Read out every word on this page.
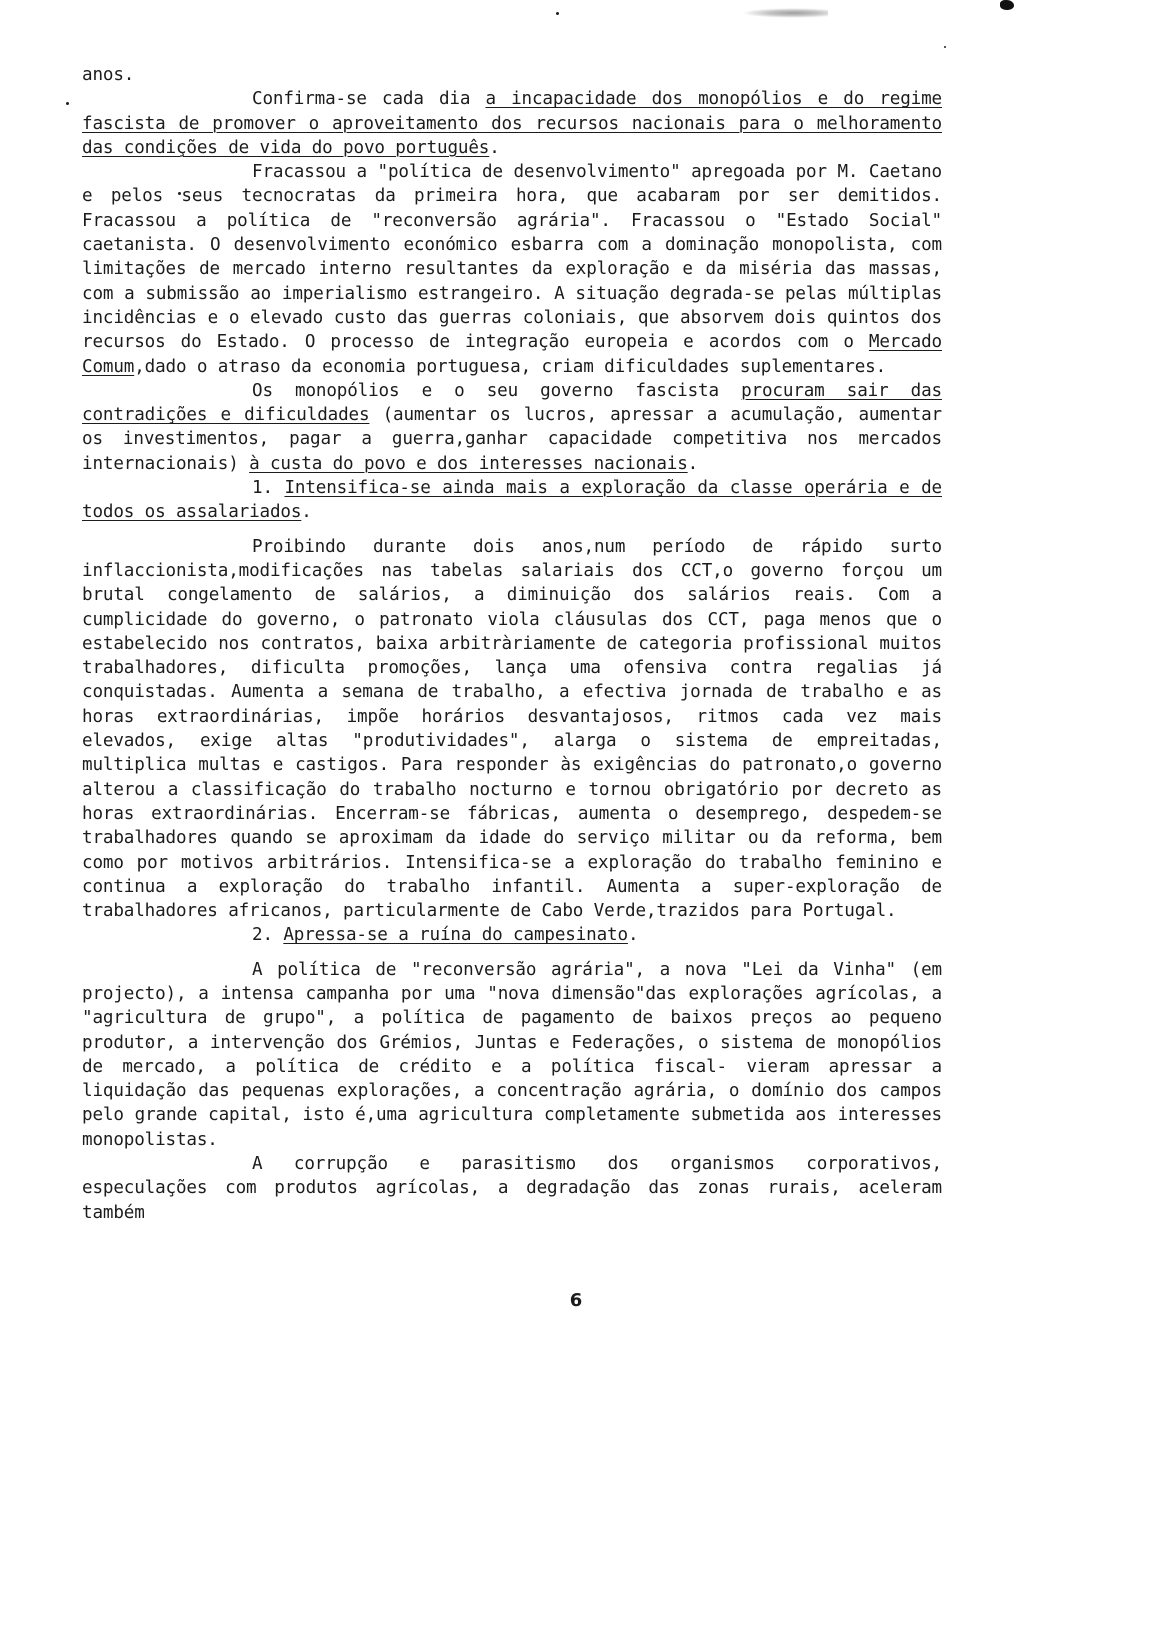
anos.

Confirma-se cada dia a incapacidade dos monopólios e do regime fascista de promover o aproveitamento dos recursos nacionais para o melhoramento das condições de vida do povo português.

Fracassou a "política de desenvolvimento" apregoada por M. Caetano e pelos seus tecnocratas da primeira hora, que acabaram por ser demitidos. Fracassou a política de "reconversão agrária". Fracassou o "Estado Social" caetanista. O desenvolvimento económico esbarra com a dominação monopolista, com limitações de mercado interno resultantes da exploração e da miséria das massas, com a submissão ao imperialismo estrangeiro. A situação degrada-se pelas múltiplas incidências e o elevado custo das guerras coloniais, que absorvem dois quintos dos recursos do Estado. O processo de integração europeia e acordos com o Mercado Comum,dado o atraso da economia portuguesa, criam dificuldades suplementares.

Os monopólios e o seu governo fascista procuram sair das contradições e dificuldades (aumentar os lucros, apressar a acumulação, aumentar os investimentos, pagar a guerra,ganhar capacidade competitiva nos mercados internacionais) à custa do povo e dos interesses nacionais.

1. Intensifica-se ainda mais a exploração da classe operária e de todos os assalariados.

Proibindo durante dois anos,num período de rápido surto inflaccionista,modificações nas tabelas salariais dos CCT,o governo forçou um brutal congelamento de salários, a diminuição dos salários reais. Com a cumplicidade do governo, o patronato viola cláusulas dos CCT, paga menos que o estabelecido nos contratos, baixa arbitràriamente de categoria profissional muitos trabalhadores, dificulta promoções, lança uma ofensiva contra regalias já conquistadas. Aumenta a semana de trabalho, a efectiva jornada de trabalho e as horas extraordinárias, impõe horários desvantajosos, ritmos cada vez mais elevados, exige altas "produtividades", alarga o sistema de empreitadas, multiplica multas e castigos. Para responder às exigências do patronato,o governo alterou a classificação do trabalho nocturno e tornou obrigatório por decreto as horas extraordinárias. Encerram-se fábricas, aumenta o desemprego, despedem-se trabalhadores quando se aproximam da idade do serviço militar ou da reforma, bem como por motivos arbitrários. Intensifica-se a exploração do trabalho feminino e continua a exploração do trabalho infantil. Aumenta a super-exploração de trabalhadores africanos, particularmente de Cabo Verde,trazidos para Portugal.

2. Apressa-se a ruína do campesinato.

A política de "reconversão agrária", a nova "Lei da Vinha" (em projecto), a intensa campanha por uma "nova dimensão"das explorações agrícolas, a "agricultura de grupo", a política de pagamento de baixos preços ao pequeno produtor, a intervenção dos Grémios, Juntas e Federações, o sistema de monopólios de mercado, a política de crédito e a política fiscal- vieram apressar a liquidação das pequenas explorações, a concentração agrária, o domínio dos campos pelo grande capital, isto é,uma agricultura completamente submetida aos interesses monopolistas.

A corrupção e parasitismo dos organismos corporativos, especulações com produtos agrícolas, a degradação das zonas rurais, aceleram também

6
